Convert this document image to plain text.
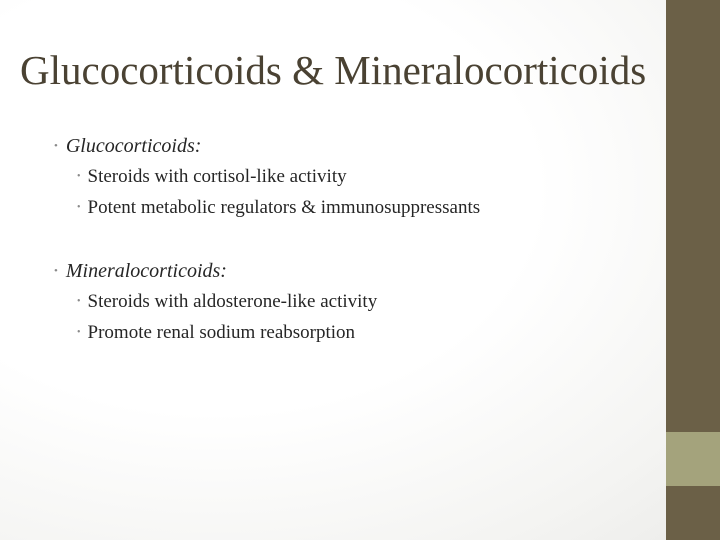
Glucocorticoids & Mineralocorticoids
• Glucocorticoids:
• Steroids with cortisol-like activity
• Potent metabolic regulators & immunosuppressants
• Mineralocorticoids:
• Steroids with aldosterone-like activity
• Promote renal sodium reabsorption
